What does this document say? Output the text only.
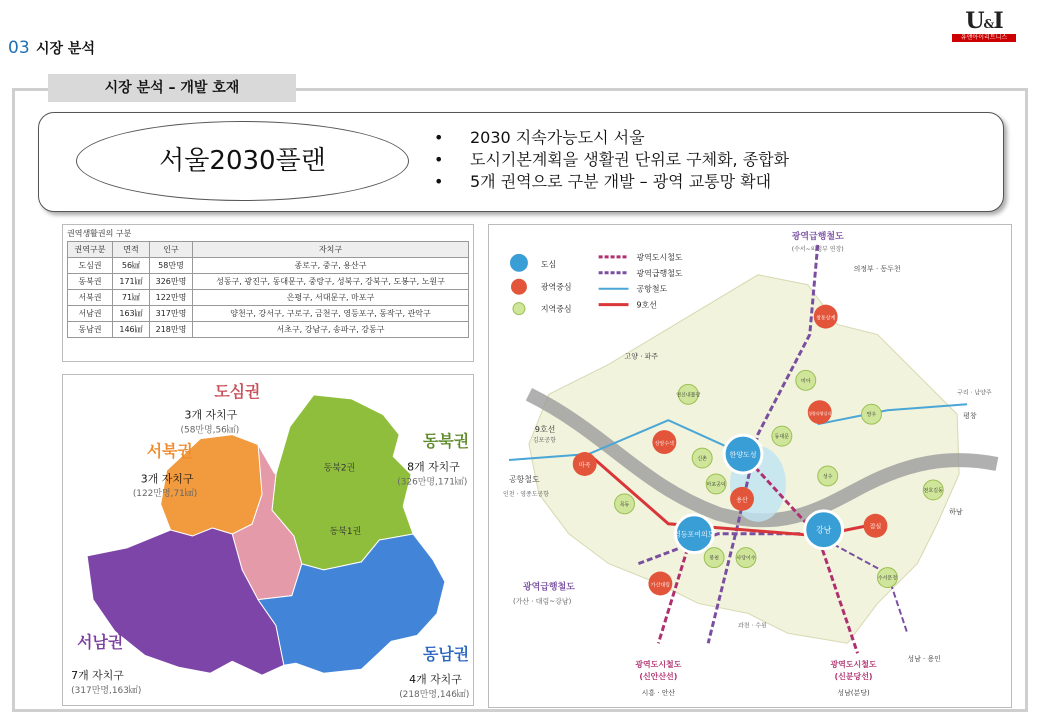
03 시장 분석
U&I
유앤아이리트니스
시장 분석 – 개발 호재
서울2030플랜
• 2030 지속가능도시 서울
• 도시기본계획을 생활권 단위로 구체화, 종합화
• 5개 권역으로 구분 개발 – 광역 교통망 확대
권역생활권의 구분
권역구분	면적	인구	자치구
도심권	56㎢	58만명	종로구, 중구, 용산구
동북권	171㎢	326만명	성동구, 광진구, 동대문구, 중랑구, 성북구, 강북구, 도봉구, 노원구
서북권	71㎢	122만명	은평구, 서대문구, 마포구
서남권	163㎢	317만명	양천구, 강서구, 구로구, 금천구, 영등포구, 동작구, 관악구
동남권	146㎢	218만명	서초구, 강남구, 송파구, 강동구
도심권
3개 자치구
(58만명,56㎢)
서북권
3개 자치구
(122만명,71㎢)
동북권
8개 자치구
(326만명,171㎢)
서남권
7개 자치구
(317만명,163㎢)
동남권
4개 자치구
(218만명,146㎢)
동북2권
동북1권
도심
광역중심
지역중심
광역도시철도
광역급행철도
공항철도
9호선
한양도성
영등포여의도	강남
마곡
상암수색
창동상계
청량리왕십리
용산
가산대림
잠실
연신내불광
미아
망우
동대문
신촌
마포공덕
성수
목동
봉천	사당이수
천호길동
수서문정
광역급행철도
(수서~의정부 연장)
의정부 · 동두천
고양 · 파주
구리 · 남양주
평창
9호선
김포공항
공항철도
인천 · 영종도공항
하남
과천 · 수원
광역급행철도
(가산 · 대림~강남)
광역도시철도
(신안산선)
시흥 · 안산
광역도시철도
(신분당선)
성남(분당)
성남 · 용인
